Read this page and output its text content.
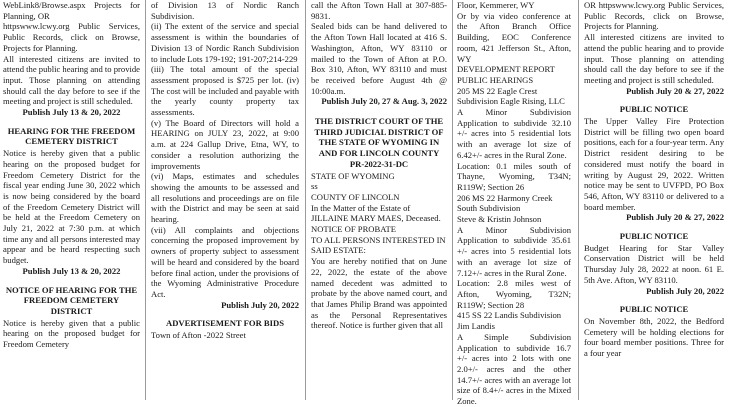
WebLink8/Browse.aspx Projects for Planning, OR

httpswww.lcwy.org Public Services, Public Records, click on Browse, Projects for Planning.

All interested citizens are invited to attend the public hearing and to provide input. Those planning on attending should call the day before to see if the meeting and project is still scheduled.

Publish July 13 & 20, 2022
HEARING FOR THE FREEDOM CEMETERY DISTRICT

Notice is hereby given that a public hearing on the proposed budget for Freedom Cemetery District for the fiscal year ending June 30, 2022 which is now being considered by the board of the Freedom Cemetery District will be held at the Freedom Cemetery on July 21, 2022 at 7:30 p.m. at which time any and all persons interested may appear and be heard respecting such budget.

Publish July 13 & 20, 2022
NOTICE OF HEARING FOR THE FREEDOM CEMETERY DISTRICT

Notice is hereby given that a public hearing on the proposed budget for Freedom Cemetery

of Division 13 of Nordic Ranch Subdivision.

(ii) The extent of the service and special assessment is within the boundaries of Division 13 of Nordic Ranch Subdivision to include Lots 179-192; 191-207;214-229

(iii) The total amount of the special assessment proposed is $725 per lot. (iv) The cost will be included and payable with the yearly county property tax assessments.

(v) The Board of Directors will hold a HEARING on JULY 23, 2022, at 9:00 a.m. at 224 Gallup Drive, Etna, WY, to consider a resolution authorizing the improvements

(vi) Maps, estimates and schedules showing the amounts to be assessed and all resolutions and proceedings are on file with the District and may be seen at said hearing.

(vii) All complaints and objections concerning the proposed improvement by owners of property subject to assessment will be heard and considered by the board before final action, under the provisions of the Wyoming Administrative Procedure Act.

Publish July 20, 2022
ADVERTISEMENT FOR BIDS

Town of Afton -2022 Street

call the Afton Town Hall at 307-885-9831.

Sealed bids can be hand delivered to the Afton Town Hall located at 416 S. Washington, Afton, WY 83110 or mailed to the Town of Afton at P.O. Box 310, Afton, WY 83110 and must be received before August 4th @ 10:00a.m.

Publish July 20, 27 & Aug. 3, 2022
THE DISTRICT COURT OF THE THIRD JUDICIAL DISTRICT OF THE STATE OF WYOMING IN AND FOR LINCOLN COUNTY PR-2022-31-DC

STATE OF WYOMING

ss

COUNTY OF LINCOLN

In the Matter of the Estate of JILLAINE MARY MAES, Deceased.

NOTICE OF PROBATE

TO ALL PERSONS INTERESTED IN SAID ESTATE:

You are hereby notified that on June 22, 2022, the estate of the above named decedent was admitted to probate by the above named court, and that James Philip Brand was appointed as the Personal Representatives thereof. Notice is further given that all

Floor, Kemmerer, WY

Or by via video conference at the Afton Branch Office Building, EOC Conference room, 421 Jefferson St., Afton, WY

DEVELOPMENT REPORT

PUBLIC HEARINGS

205 MS 22 Eagle Crest Subdivision Eagle Rising, LLC

A Minor Subdivision Application to subdivide 32.10 +/- acres into 5 residential lots with an average lot size of 6.42+/- acres in the Rural Zone.

Location: 0.1 miles south of Thayne, Wyoming, T34N; R119W; Section 26

206 MS 22 Harmony Creek South Subdivision

Steve & Kristin Johnson

A Minor Subdivision Application to subdivide 35.61 +/- acres into 5 residential lots with an average lot size of 7.12+/- acres in the Rural Zone.

Location: 2.8 miles west of Afton, Wyoming, T32N; R119W; Section 28

415 SS 22 Landis Subdivision

Jim Landis

A Simple Subdivision Application to subdivide 16.7 +/- acres into 2 lots with one 2.0+/- acres and the other 14.7+/- acres with an average lot size of 8.4+/- acres in the Mixed Zone.

OR httpswww.lcwy.org Public Services, Public Records, click on Browse, Projects for Planning.

All interested citizens are invited to attend the public hearing and to provide input. Those planning on attending should call the day before to see if the meeting and project is still scheduled.

Publish July 20 & 27, 2022
PUBLIC NOTICE

The Upper Valley Fire Protection District will be filling two open board positions, each for a four-year term. Any District resident desiring to be considered must notify the board in writing by August 29, 2022. Written notice may be sent to UVFPD, PO Box 546, Afton, WY 83110 or delivered to a board member.

Publish July 20 & 27, 2022
PUBLIC NOTICE

Budget Hearing for Star Valley Conservation District will be held Thursday July 28, 2022 at noon. 61 E. 5th Ave. Afton, WY 83110.

Publish July 20, 2022
PUBLIC NOTICE

On November 8th, 2022, the Bedford Cemetery will be holding elections for four board member positions. Three for a four year
